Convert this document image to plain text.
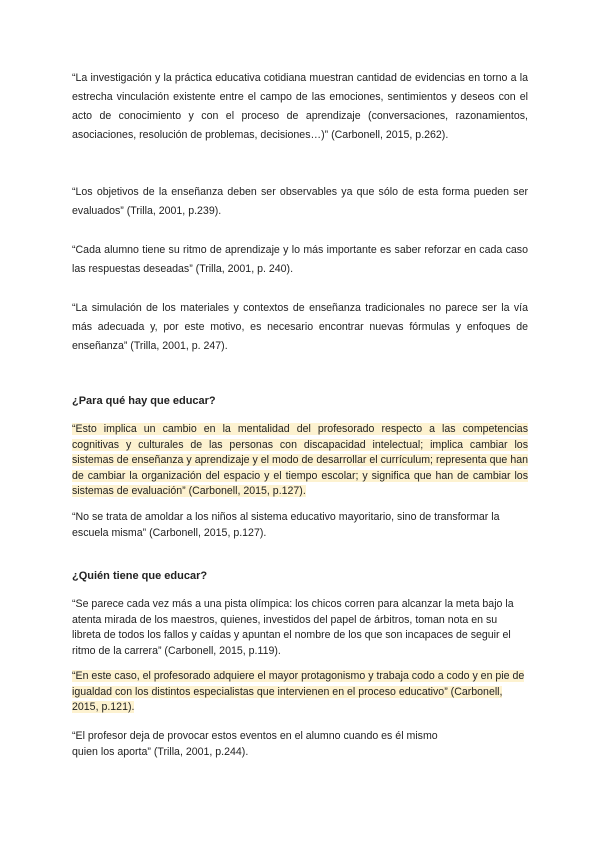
“La investigación y la práctica educativa cotidiana muestran cantidad de evidencias en torno a la estrecha vinculación existente entre el campo de las emociones, sentimientos y deseos con el acto de conocimiento y con el proceso de aprendizaje (conversaciones, razonamientos, asociaciones, resolución de problemas, decisiones…)” (Carbonell, 2015, p.262).

“Los objetivos de la enseñanza deben ser observables ya que sólo de esta forma pueden ser evaluados” (Trilla, 2001, p.239).

“Cada alumno tiene su ritmo de aprendizaje y lo más importante es saber reforzar en cada caso las respuestas deseadas” (Trilla, 2001, p. 240).

“La simulación de los materiales y contextos de enseñanza tradicionales no parece ser la vía más adecuada y, por este motivo, es necesario encontrar nuevas fórmulas y enfoques de enseñanza” (Trilla, 2001, p. 247).

¿Para qué hay que educar?

“Esto implica un cambio en la mentalidad del profesorado respecto a las competencias cognitivas y culturales de las personas con discapacidad intelectual; implica cambiar los sistemas de enseñanza y aprendizaje y el modo de desarrollar el currículum; representa que han de cambiar la organización del espacio y el tiempo escolar; y significa que han de cambiar los sistemas de evaluación” (Carbonell, 2015, p.127).

“No se trata de amoldar a los niños al sistema educativo mayoritario, sino de transformar la escuela misma” (Carbonell, 2015, p.127).

¿Quién tiene que educar?

“Se parece cada vez más a una pista olímpica: los chicos corren para alcanzar la meta bajo la atenta mirada de los maestros, quienes, investidos del papel de árbitros, toman nota en su libreta de todos los fallos y caídas y apuntan el nombre de los que son incapaces de seguir el ritmo de la carrera” (Carbonell, 2015, p.119).

“En este caso, el profesorado adquiere el mayor protagonismo y trabaja codo a codo y en pie de igualdad con los distintos especialistas que intervienen en el proceso educativo” (Carbonell, 2015, p.121).

“El profesor deja de provocar estos eventos en el alumno cuando es él mismo
quien los aporta” (Trilla, 2001, p.244).
